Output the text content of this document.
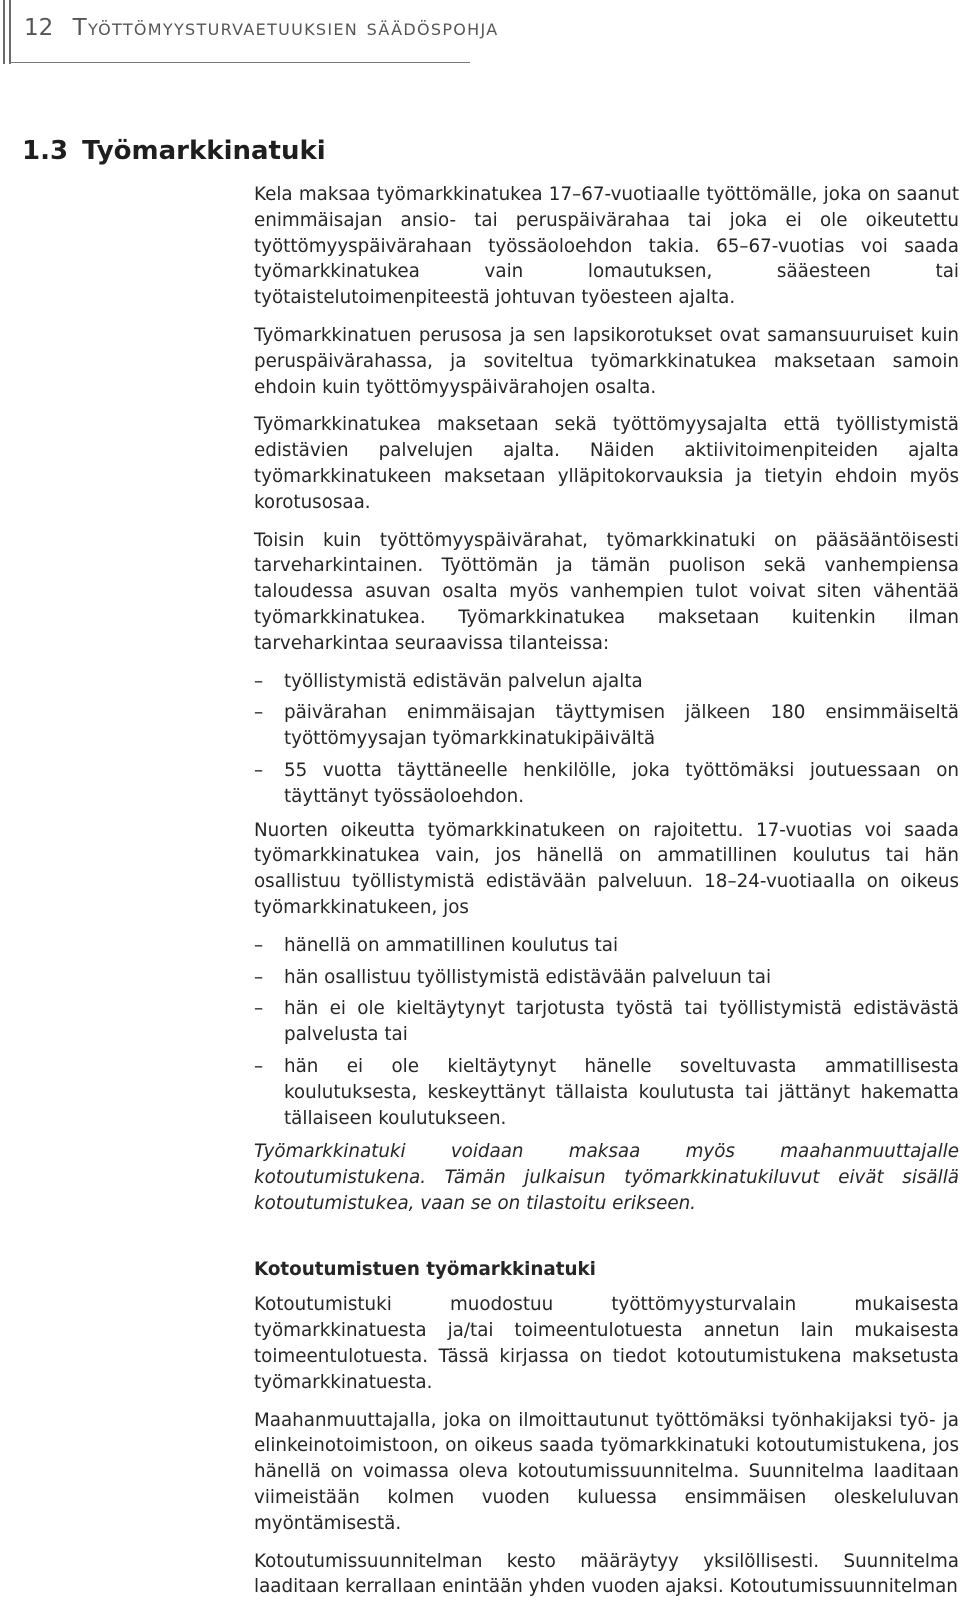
12 Työttömyysturvaetuuksien säädöspohja
1.3 Työmarkkinatuki

Kela maksaa työmarkkinatukea 17–67-vuotiaalle työttömälle, joka on saanut enimmäisajan ansio- tai peruspäivärahaa tai joka ei ole oikeutettu työttömyyspäivärahaan työssäoloehdon takia. 65–67-vuotias voi saada työmarkkinatukea vain lomautuksen, sääesteen tai työtaistelutoimenpiteestä johtuvan työesteen ajalta.

Työmarkkinatuen perusosa ja sen lapsikorotukset ovat samansuuruiset kuin peruspäivärahassa, ja soviteltua työmarkkinatukea maksetaan samoin ehdoin kuin työttömyyspäivärahojen osalta.

Työmarkkinatukea maksetaan sekä työttömyysajalta että työllistymistä edistävien palvelujen ajalta. Näiden aktiivitoimenpiteiden ajalta työmarkkinatukeen maksetaan ylläpitokorvauksia ja tietyin ehdoin myös korotusosaa.

Toisin kuin työttömyyspäivärahat, työmarkkinatuki on pääsääntöisesti tarveharkintainen. Työttömän ja tämän puolison sekä vanhempiensa taloudessa asuvan osalta myös vanhempien tulot voivat siten vähentää työmarkkinatukea. Työmarkkinatukea maksetaan kuitenkin ilman tarveharkintaa seuraavissa tilanteissa:

– työllistymistä edistävän palvelun ajalta
– päivärahan enimmäisajan täyttymisen jälkeen 180 ensimmäiseltä työttömyysajan työmarkkinatukipäivältä
– 55 vuotta täyttäneelle henkilölle, joka työttömäksi joutuessaan on täyttänyt työssäoloehdon.

Nuorten oikeutta työmarkkinatukeen on rajoitettu. 17-vuotias voi saada työmarkkinatukea vain, jos hänellä on ammatillinen koulutus tai hän osallistuu työllistymistä edistävään palveluun. 18–24-vuotiaalla on oikeus työmarkkinatukeen, jos

– hänellä on ammatillinen koulutus tai
– hän osallistuu työllistymistä edistävään palveluun tai
– hän ei ole kieltäytynyt tarjotusta työstä tai työllistymistä edistävästä palvelusta tai
– hän ei ole kieltäytynyt hänelle soveltuvasta ammatillisesta koulutuksesta, keskeyttänyt tällaista koulutusta tai jättänyt hakematta tällaiseen koulutukseen.

Työmarkkinatuki voidaan maksaa myös maahanmuuttajalle kotoutumistukena. Tämän julkaisun työmarkkinatukiluvut eivät sisällä kotoutumistukea, vaan se on tilastoitu erikseen.

Kotoutumistuen työmarkkinatuki

Kotoutumistuki muodostuu työttömyysturvalain mukaisesta työmarkkinatuesta ja/tai toimeentulotuesta annetun lain mukaisesta toimeentulotuesta. Tässä kirjassa on tiedot kotoutumistukena maksetusta työmarkkinatuesta.

Maahanmuuttajalla, joka on ilmoittautunut työttömäksi työnhakijaksi työ- ja elinkeinotoimistoon, on oikeus saada työmarkkinatuki kotoutumistukena, jos hänellä on voimassa oleva kotoutumissuunnitelma. Suunnitelma laaditaan viimeistään kolmen vuoden kuluessa ensimmäisen oleskeluluvan myöntämisestä.

Kotoutumissuunnitelman kesto määräytyy yksilöllisesti. Suunnitelma laaditaan kerrallaan enintään yhden vuoden ajaksi. Kotoutumissuunnitelman
